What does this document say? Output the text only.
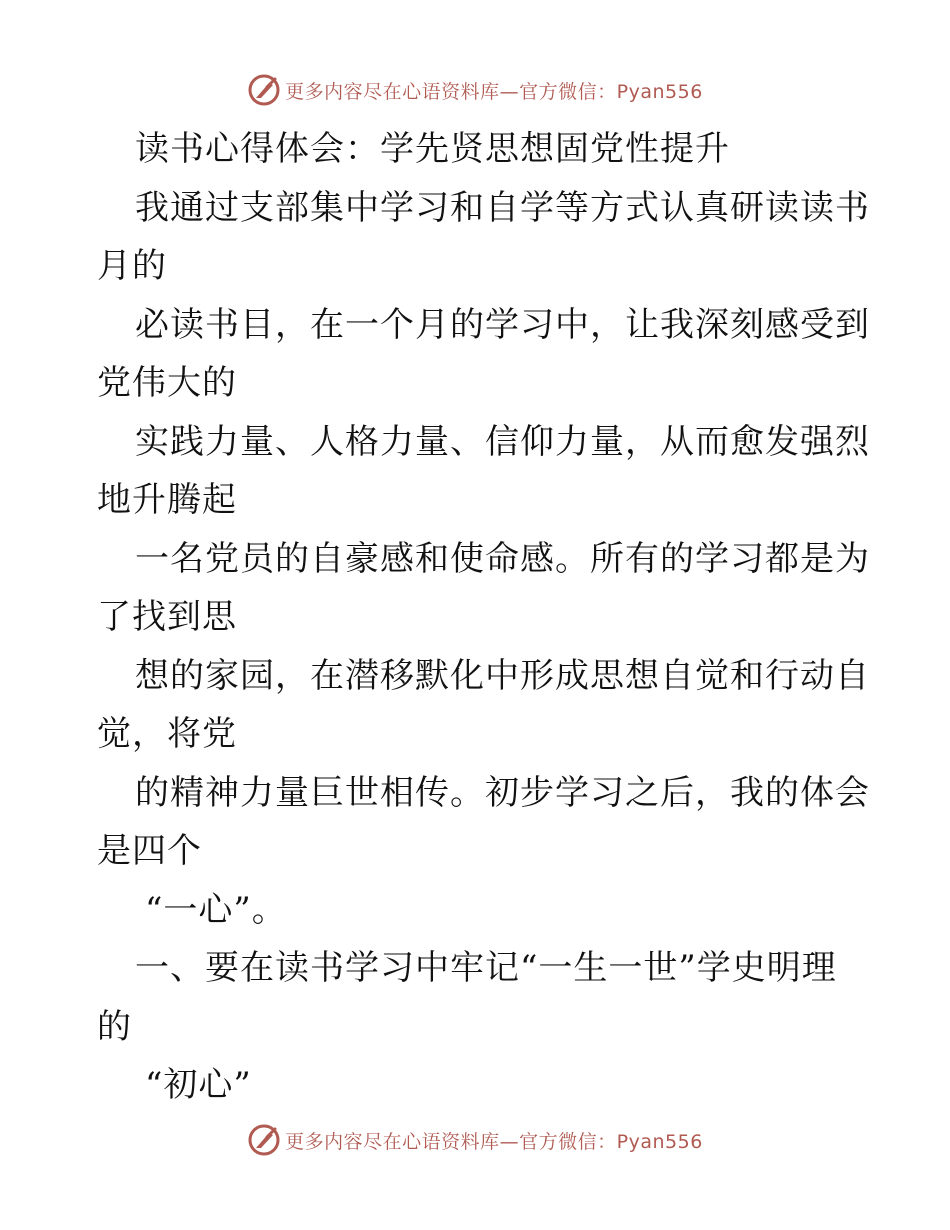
更多内容尽在心语资料库—官方微信：Pyan556
读书心得体会：学先贤思想固党性提升
我通过支部集中学习和自学等方式认真研读读书
月的
必读书目，在一个月的学习中，让我深刻感受到
党伟大的
实践力量、人格力量、信仰力量，从而愈发强烈
地升腾起
一名党员的自豪感和使命感。所有的学习都是为
了找到思
想的家园，在潜移默化中形成思想自觉和行动自
觉，将党
的精神力量巨世相传。初步学习之后，我的体会
是四个
“一心”。
一、要在读书学习中牢记“一生一世”学史明理
的
“初心”
更多内容尽在心语资料库—官方微信：Pyan556
